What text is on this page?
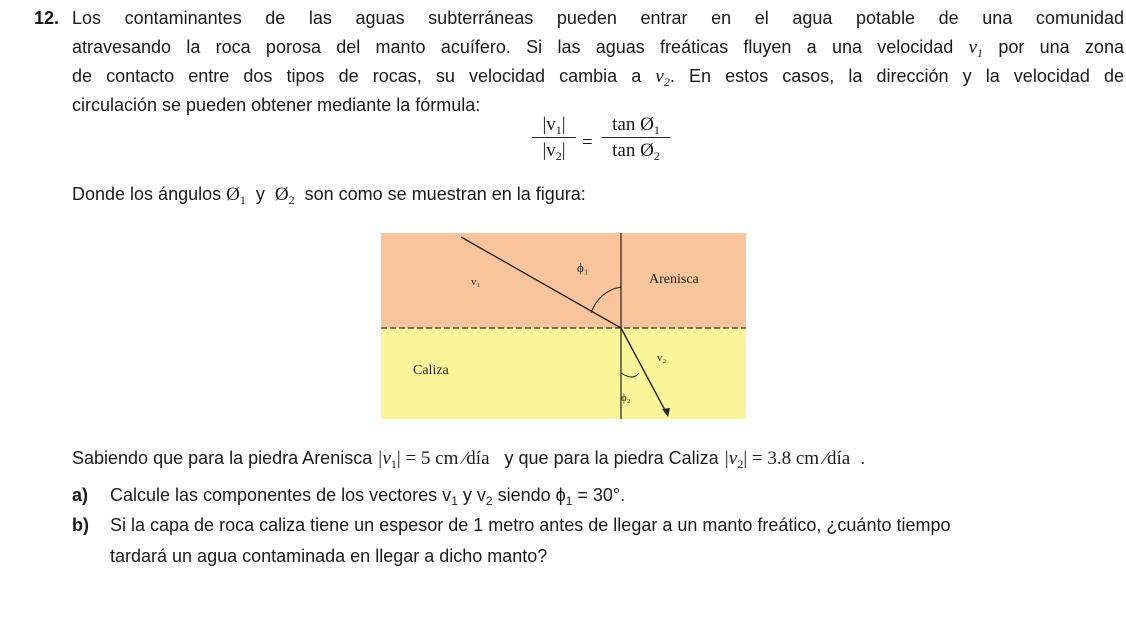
12. Los contaminantes de las aguas subterráneas pueden entrar en el agua potable de una comunidad
atravesando la roca porosa del manto acuífero. Si las aguas freáticas fluyen a una velocidad $v_1$ por una zona
de contacto entre dos tipos de rocas, su velocidad cambia a $v_2$. En estos casos, la dirección y la velocidad de
circulación se pueden obtener mediante la fórmula:
$\frac{|v_1|}{|v_2|} = \frac{\tan Ø_1}{\tan Ø_2}$
Donde los ángulos $Ø_1$ y $Ø_2$ son como se muestran en la figura:
v₁
ϕ₁
Arenisca
Caliza
v₂
ϕ₂
Sabiendo que para la piedra Arenisca $|v_1| = 5$ cm ⁄día y que para la piedra Caliza $|v_2| = 3.8$ cm ⁄día .
a)	Calcule las componentes de los vectores $v_1$ y $v_2$ siendo $\phi_1 = 30^\circ$.
b)	Si la capa de roca caliza tiene un espesor de 1 metro antes de llegar a un manto freático, ¿cuánto tiempo
tardará un agua contaminada en llegar a dicho manto?
